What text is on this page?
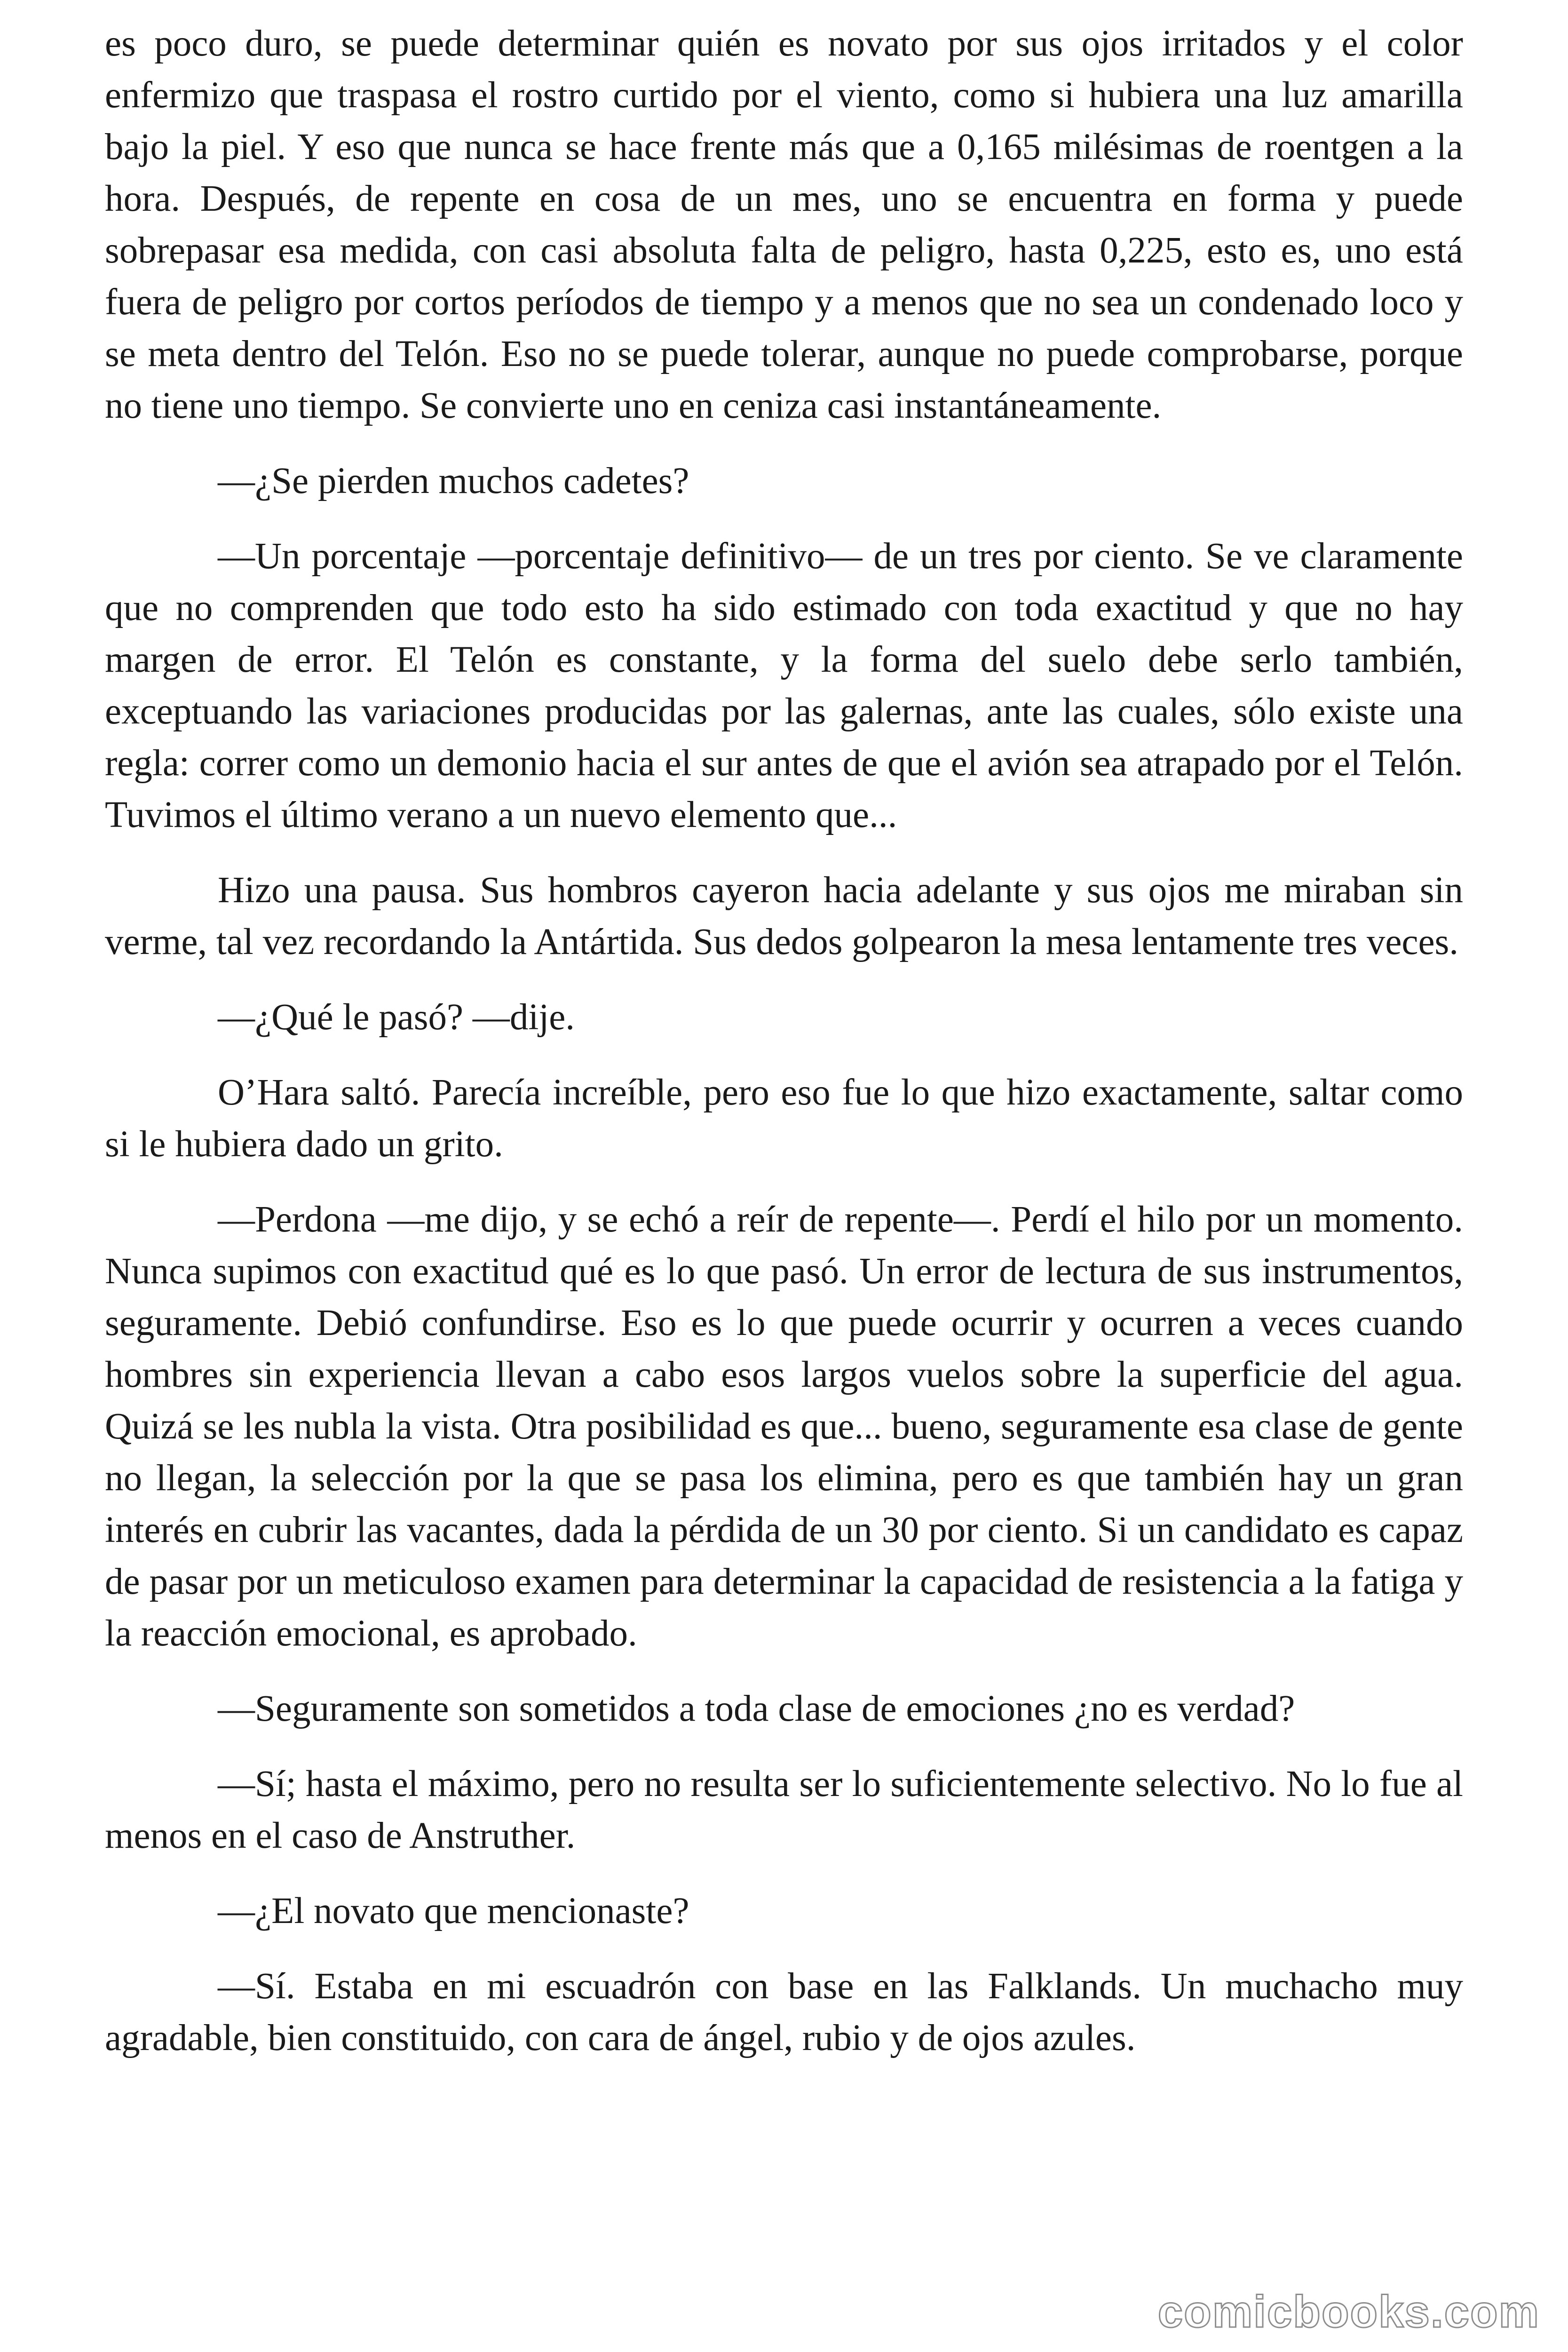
es poco duro, se puede determinar quién es novato por sus ojos irritados y el color enfermizo que traspasa el rostro curtido por el viento, como si hubiera una luz amarilla bajo la piel. Y eso que nunca se hace frente más que a 0,165 milésimas de roentgen a la hora. Después, de repente en cosa de un mes, uno se encuentra en forma y puede sobrepasar esa medida, con casi absoluta falta de peligro, hasta 0,225, esto es, uno está fuera de peligro por cortos períodos de tiempo y a menos que no sea un condenado loco y se meta dentro del Telón. Eso no se puede tolerar, aunque no puede comprobarse, porque no tiene uno tiempo. Se convierte uno en ceniza casi instantáneamente.

—¿Se pierden muchos cadetes?

—Un porcentaje —porcentaje definitivo— de un tres por ciento. Se ve claramente que no comprenden que todo esto ha sido estimado con toda exactitud y que no hay margen de error. El Telón es constante, y la forma del suelo debe serlo también, exceptuando las variaciones producidas por las galernas, ante las cuales, sólo existe una regla: correr como un demonio hacia el sur antes de que el avión sea atrapado por el Telón. Tuvimos el último verano a un nuevo elemento que...

Hizo una pausa. Sus hombros cayeron hacia adelante y sus ojos me miraban sin verme, tal vez recordando la Antártida. Sus dedos golpearon la mesa lentamente tres veces.

—¿Qué le pasó? —dije.

O’Hara saltó. Parecía increíble, pero eso fue lo que hizo exactamente, saltar como si le hubiera dado un grito.

—Perdona —me dijo, y se echó a reír de repente—. Perdí el hilo por un momento. Nunca supimos con exactitud qué es lo que pasó. Un error de lectura de sus instrumentos, seguramente. Debió confundirse. Eso es lo que puede ocurrir y ocurren a veces cuando hombres sin experiencia llevan a cabo esos largos vuelos sobre la superficie del agua. Quizá se les nubla la vista. Otra posibilidad es que... bueno, seguramente esa clase de gente no llegan, la selección por la que se pasa los elimina, pero es que también hay un gran interés en cubrir las vacantes, dada la pérdida de un 30 por ciento. Si un candidato es capaz de pasar por un meticuloso examen para determinar la capacidad de resistencia a la fatiga y la reacción emocional, es aprobado.

—Seguramente son sometidos a toda clase de emociones ¿no es verdad?

—Sí; hasta el máximo, pero no resulta ser lo suficientemente selectivo. No lo fue al menos en el caso de Anstruther.

—¿El novato que mencionaste?

—Sí. Estaba en mi escuadrón con base en las Falklands. Un muchacho muy agradable, bien constituido, con cara de ángel, rubio y de ojos azules.

comicbooks.com
